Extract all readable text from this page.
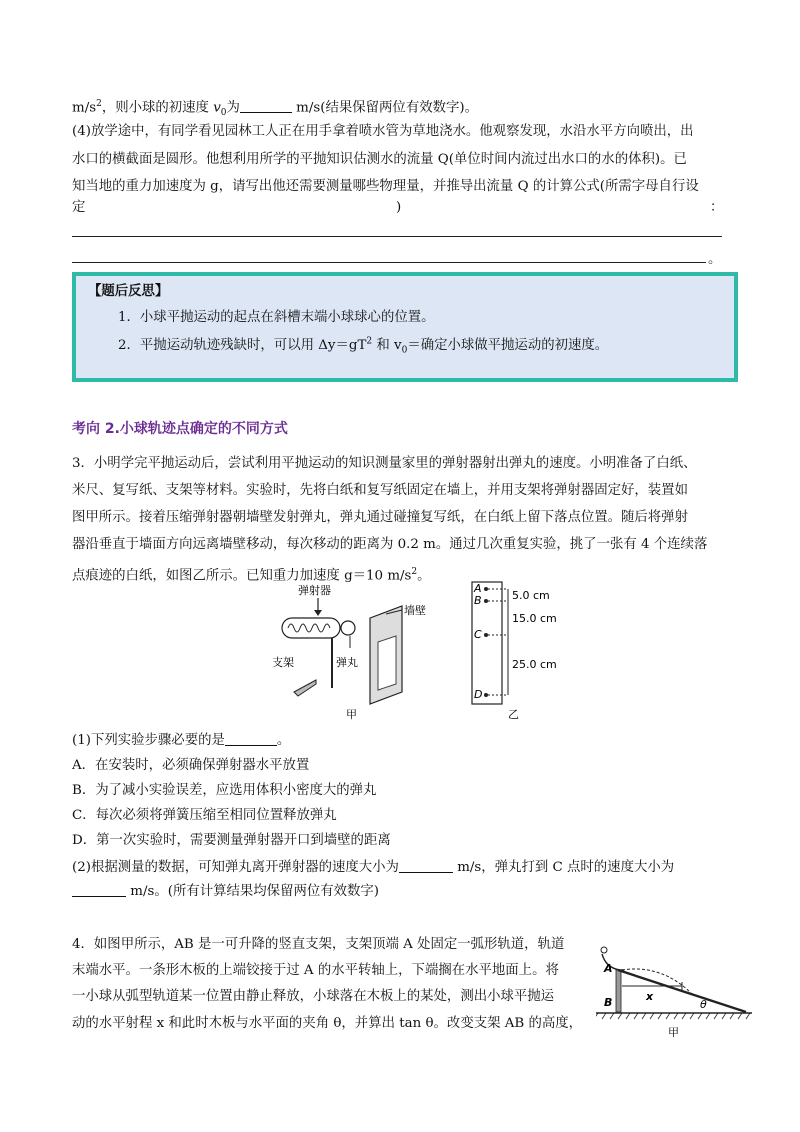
$m/s^2$，则小球的初速度 $v_0$为	m/s(结果保留两位有效数字)。
(4)放学途中，有同学看见园林工人正在用手拿着喷水管为草地浇水。他观察发现，水沿水平方向喷出，出
水口的横截面是圆形。他想利用所学的平抛知识估测水的流量 Q(单位时间内流过出水口的水的体积)。已
知当地的重力加速度为 g，请写出他还需要测量哪些物理量，并推导出流量 Q 的计算公式(所需字母自行设
定	)	：
。
【题后反思】
1．小球平抛运动的起点在斜槽末端小球球心的位置。
2．平抛运动轨迹残缺时，可以用 $\Delta y=gT^2$ 和 $v_0=$确定小球做平抛运动的初速度。
考向 2.小球轨迹点确定的不同方式
3．小明学完平抛运动后，尝试利用平抛运动的知识测量家里的弹射器射出弹丸的速度。小明准备了白纸、
米尺、复写纸、支架等材料。实验时，先将白纸和复写纸固定在墙上，并用支架将弹射器固定好，装置如
图甲所示。接着压缩弹射器朝墙壁发射弹丸，弹丸通过碰撞复写纸，在白纸上留下落点位置。随后将弹射
器沿垂直于墙面方向远离墙壁移动，每次移动的距离为 0.2 m。通过几次重复实验，挑了一张有 4 个连续落
点痕迹的白纸，如图乙所示。已知重力加速度 g＝10 $m/s^2$。
弹射器
支架	弹丸
墙壁
甲
A
B
C
D
5.0 cm
15.0 cm
25.0 cm
乙
(1)下列实验步骤必要的是	。
A．在安装时，必须确保弹射器水平放置
B．为了减小实验误差，应选用体积小密度大的弹丸
C．每次必须将弹簧压缩至相同位置释放弹丸
D．第一次实验时，需要测量弹射器开口到墙壁的距离
(2)根据测量的数据，可知弹丸离开弹射器的速度大小为	m/s，弹丸打到 C 点时的速度大小为
m/s。(所有计算结果均保留两位有效数字)
4．如图甲所示，AB 是一可升降的竖直支架，支架顶端 A 处固定一弧形轨道，轨道
末端水平。一条形木板的上端铰接于过 A 的水平转轴上，下端搁在水平地面上。将
一小球从弧型轨道某一位置由静止释放，小球落在木板上的某处，测出小球平抛运
动的水平射程 x 和此时木板与水平面的夹角 θ，并算出 tan θ。改变支架 AB 的高度，
A
B	x
θ
甲
